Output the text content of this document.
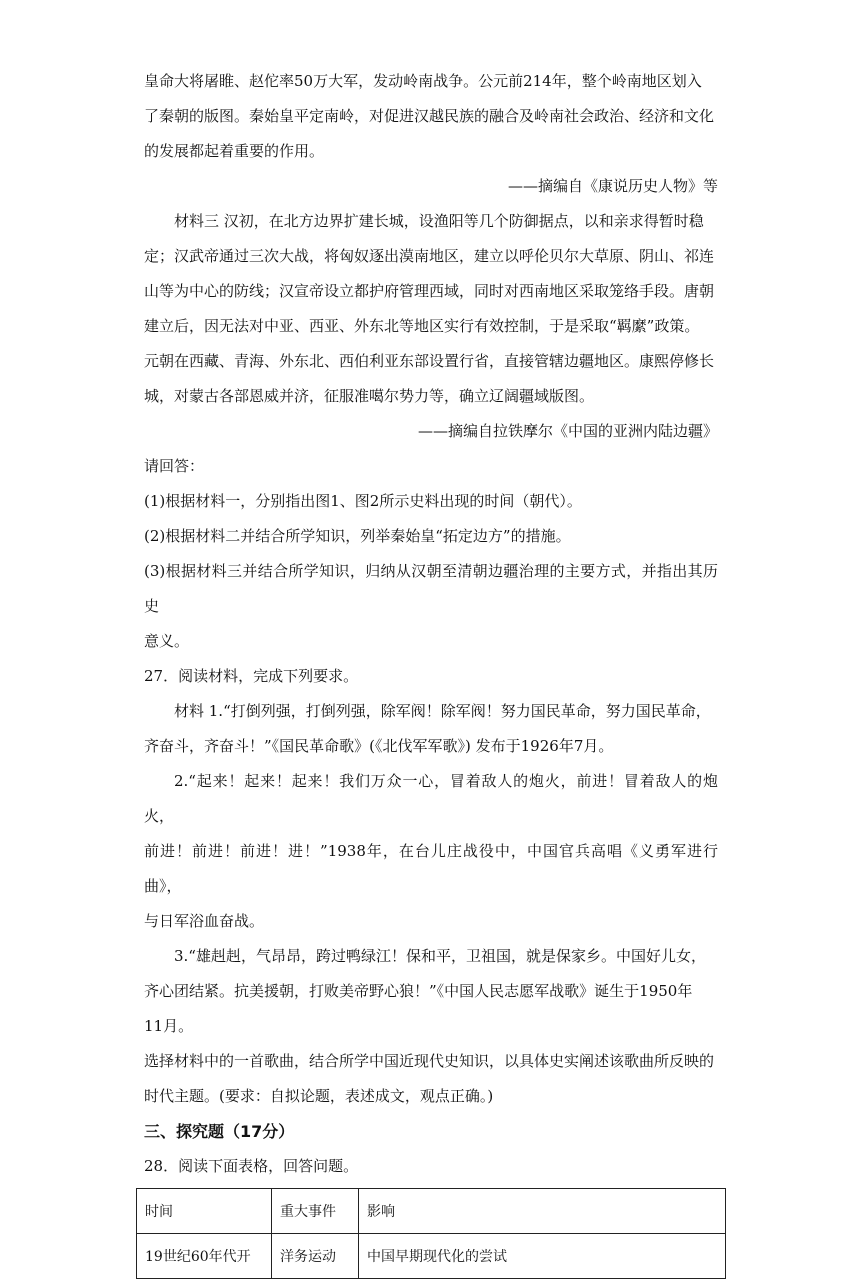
皇命大将屠睢、赵佗率50万大军，发动岭南战争。公元前214年，整个岭南地区划入

了秦朝的版图。秦始皇平定南岭，对促进汉越民族的融合及岭南社会政治、经济和文化

的发展都起着重要的作用。

——摘编自《康说历史人物》等

材料三 汉初，在北方边界扩建长城，设渔阳等几个防御据点，以和亲求得暂时稳

定；汉武帝通过三次大战，将匈奴逐出漠南地区，建立以呼伦贝尔大草原、阴山、祁连

山等为中心的防线；汉宣帝设立都护府管理西域，同时对西南地区采取笼络手段。唐朝

建立后，因无法对中亚、西亚、外东北等地区实行有效控制，于是采取“羁縻”政策。

元朝在西藏、青海、外东北、西伯利亚东部设置行省，直接管辖边疆地区。康熙停修长

城，对蒙古各部恩威并济，征服准噶尔势力等，确立辽阔疆域版图。

——摘编自拉铁摩尔《中国的亚洲内陆边疆》

请回答：

(1)根据材料一，分别指出图1、图2所示史料出现的时间（朝代）。

(2)根据材料二并结合所学知识，列举秦始皇“拓定边方”的措施。

(3)根据材料三并结合所学知识，归纳从汉朝至清朝边疆治理的主要方式，并指出其历史

意义。

27．阅读材料，完成下列要求。

材料 1.“打倒列强，打倒列强，除军阀！除军阀！努力国民革命，努力国民革命，

齐奋斗，齐奋斗！”《国民革命歌》(《北伐军军歌》) 发布于1926年7月。

2.“起来！起来！起来！我们万众一心，冒着敌人的炮火，前进！冒着敌人的炮火，

前进！前进！前进！进！”1938年，在台儿庄战役中，中国官兵高唱《义勇军进行曲》，

与日军浴血奋战。

3.“雄赳赳，气昂昂，跨过鸭绿江！保和平，卫祖国，就是保家乡。中国好儿女，

齐心团结紧。抗美援朝，打败美帝野心狼！”《中国人民志愿军战歌》诞生于1950年

11月。

选择材料中的一首歌曲，结合所学中国近现代史知识，以具体史实阐述该歌曲所反映的

时代主题。(要求：自拟论题，表述成文，观点正确。)

三、探究题（17分）

28．阅读下面表格，回答问题。

时间	重大事件	影响
19世纪60年代开	洋务运动	中国早期现代化的尝试
